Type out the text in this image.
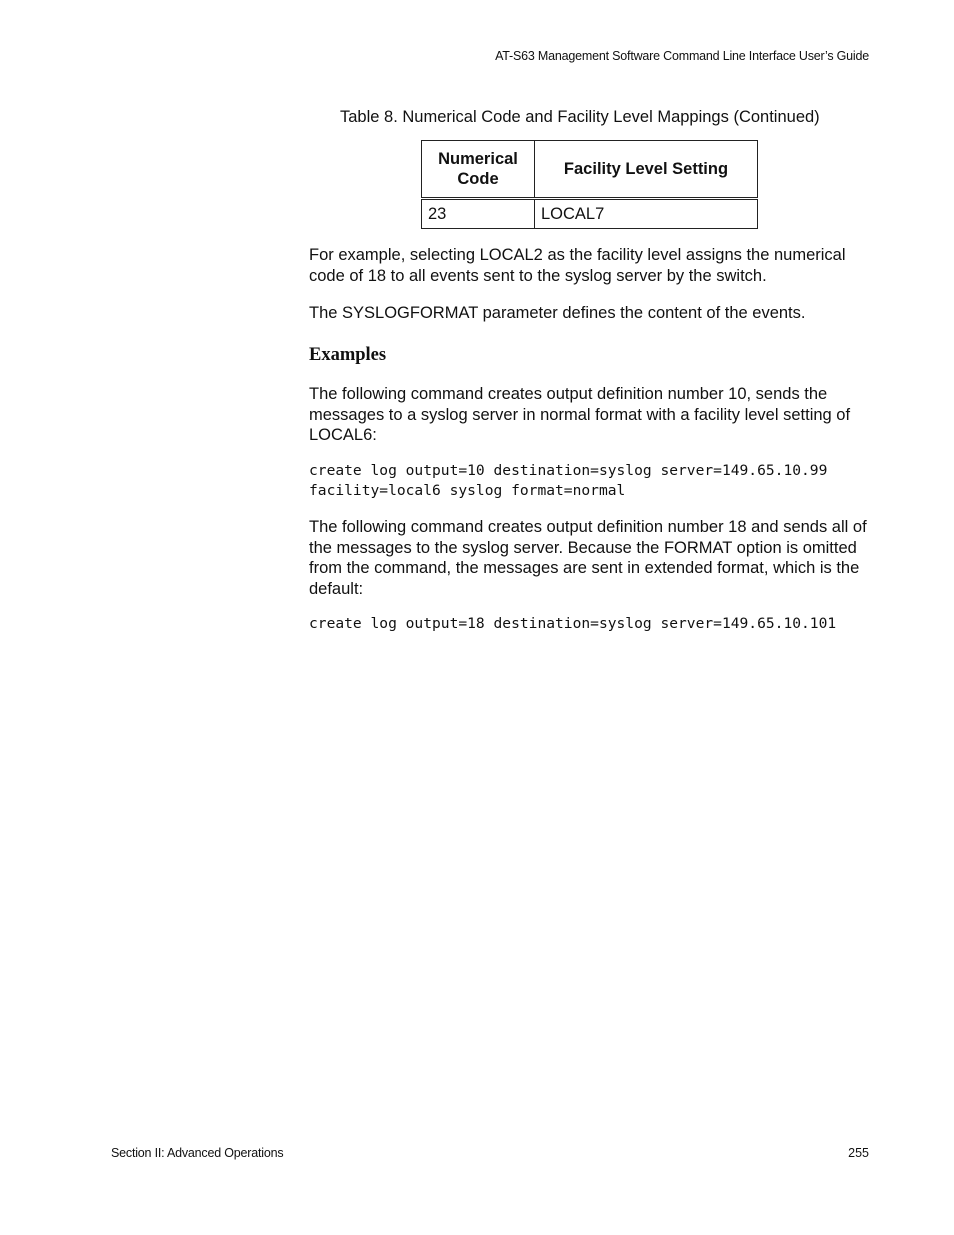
AT-S63 Management Software Command Line Interface User’s Guide
Table 8. Numerical Code and Facility Level Mappings (Continued)
Numerical Code	Facility Level Setting
23	LOCAL7

For example, selecting LOCAL2 as the facility level assigns the numerical code of 18 to all events sent to the syslog server by the switch.

The SYSLOGFORMAT parameter defines the content of the events.

Examples

The following command creates output definition number 10, sends the messages to a syslog server in normal format with a facility level setting of LOCAL6:

create log output=10 destination=syslog server=149.65.10.99
facility=local6 syslog format=normal

The following command creates output definition number 18 and sends all of the messages to the syslog server. Because the FORMAT option is omitted from the command, the messages are sent in extended format, which is the default:

create log output=18 destination=syslog server=149.65.10.101
Section II: Advanced Operations	255
